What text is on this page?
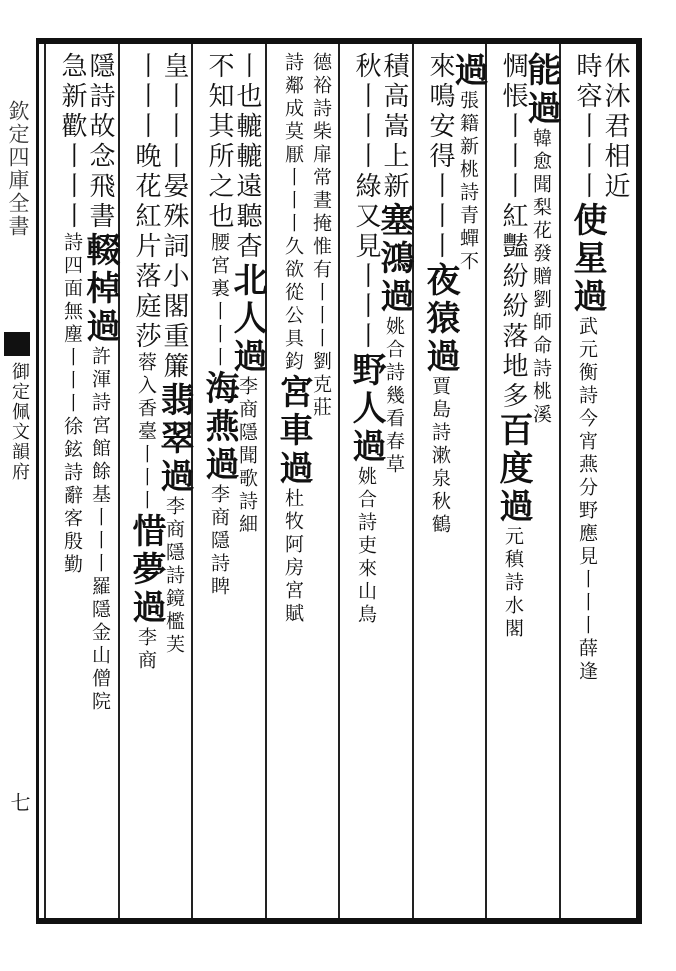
欽定四庫全書
御定佩文韻府
七
休沐君相近
時容丨丨丨使星過武元衡詩今宵燕分野應見丨丨丨薛逢
能過韓愈聞梨花發贈劉師命詩桃溪
惆悵丨丨丨紅豔紛紛落地多百度過元稹詩水閣
過張籍新桃詩青蟬不
來鳴安得丨丨丨夜猿過賈島詩漱泉秋鶴
積高嵩上新塞鴻過姚合詩幾看春草
秋丨丨丨綠又見丨丨丨野人過姚合詩吏來山鳥
德裕詩柴扉常晝掩惟有丨丨丨劉克莊
詩鄰成莫厭丨丨丨久欲從公具鈞宮車過杜牧阿房宮賦
丨也轆轆遠聽杳北人過李商隱聞歌詩細
不知其所之也腰宮裏丨丨丨海燕過李商隱詩睥
皇丨丨丨晏殊詞小閣重簾翡翠過李商隱詩鏡檻芙
丨丨丨晚花紅片落庭莎蓉入香臺丨丨丨惜夢過李商
隱詩故念飛書輟棹過許渾詩宮館餘基丨丨丨羅隱金山僧院
急新歡丨丨丨詩四面無塵丨丨丨徐鉉詩辭客殷勤
